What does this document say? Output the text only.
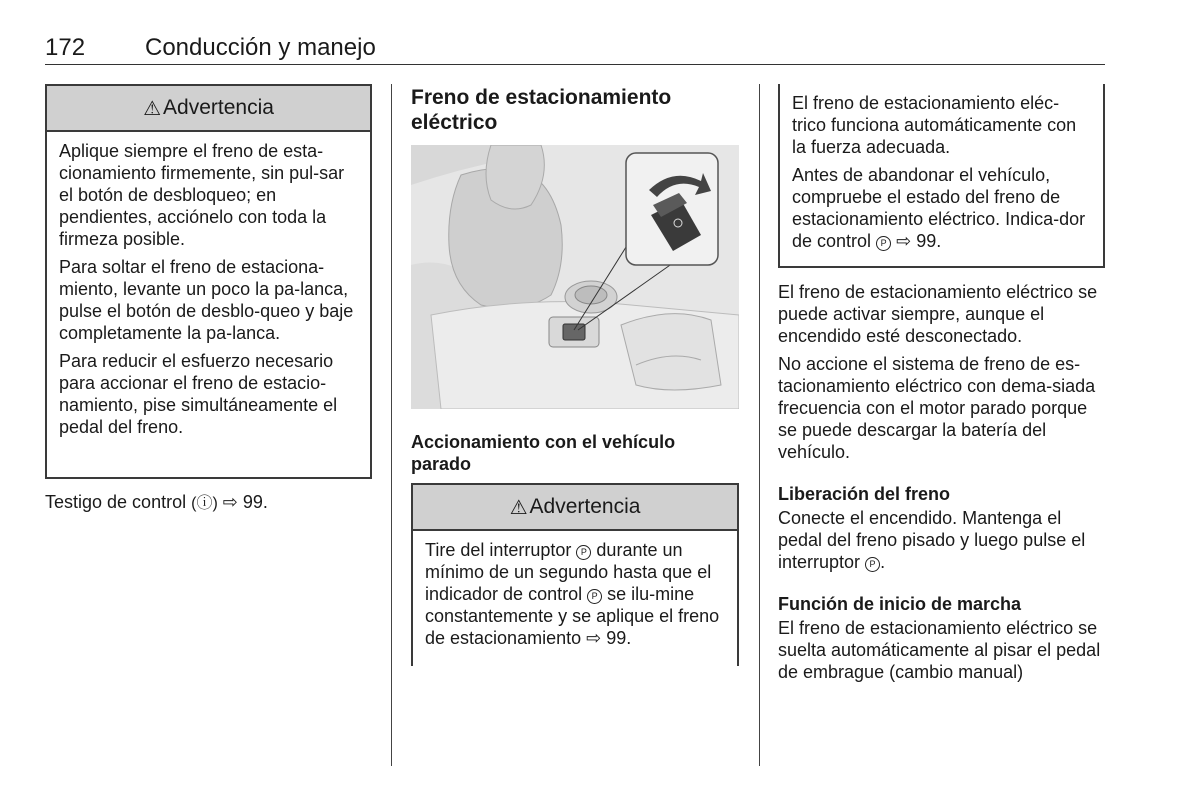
172 Conducción y manejo
⚠ Advertencia

Aplique siempre el freno de esta-cionamiento firmemente, sin pul-sar el botón de desbloqueo; en pendientes, acciónelo con toda la firmeza posible.

Para soltar el freno de estaciona-miento, levante un poco la pa-lanca, pulse el botón de desblo-queo y baje completamente la pa-lanca.

Para reducir el esfuerzo necesario para accionar el freno de estacio-namiento, pise simultáneamente el pedal del freno.

Testigo de control (ⓘ) ⇨ 99.

Freno de estacionamiento eléctrico
Accionamiento con el vehículo parado
⚠ Advertencia

Tire del interruptor P durante un mínimo de un segundo hasta que el indicador de control P se ilu-mine constantemente y se aplique el freno de estacionamiento ⇨ 99.

El freno de estacionamiento eléc-trico funciona automáticamente con la fuerza adecuada.

Antes de abandonar el vehículo, compruebe el estado del freno de estacionamiento eléctrico. Indica-dor de control P ⇨ 99.

El freno de estacionamiento eléctrico se puede activar siempre, aunque el encendido esté desconectado.

No accione el sistema de freno de es-tacionamiento eléctrico con dema-siada frecuencia con el motor parado porque se puede descargar la batería del vehículo.

Liberación del freno

Conecte el encendido. Mantenga el pedal del freno pisado y luego pulse el interruptor P .

Función de inicio de marcha

El freno de estacionamiento eléctrico se suelta automáticamente al pisar el pedal de embrague (cambio manual)
